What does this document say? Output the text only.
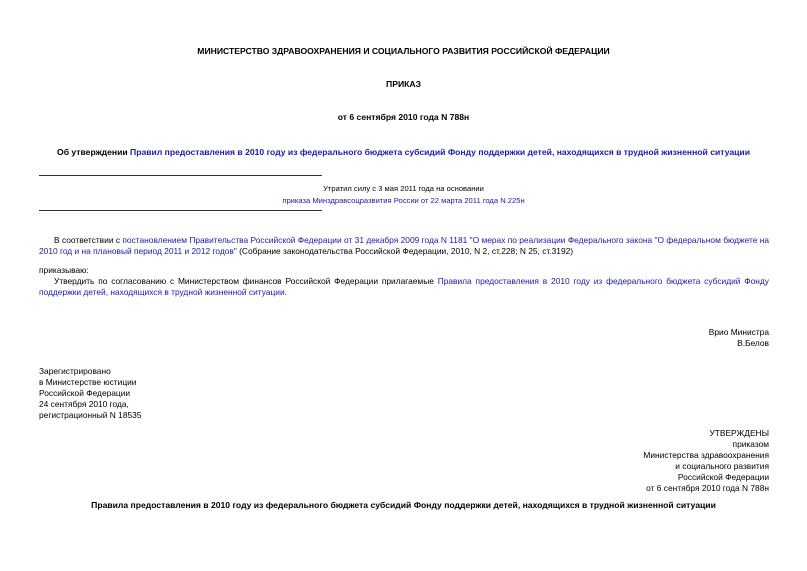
МИНИСТЕРСТВО ЗДРАВООХРАНЕНИЯ И СОЦИАЛЬНОГО РАЗВИТИЯ РОССИЙСКОЙ ФЕДЕРАЦИИ
ПРИКАЗ
от 6 сентября 2010 года N 788н
Об утверждении Правил предоставления в 2010 году из федерального бюджета субсидий Фонду поддержки детей, находящихся в трудной жизненной ситуации
Утратил силу с 3 мая 2011 года на основании
приказа Минздравсоцразвития России от 22 марта 2011 года N 225н
В соответствии с постановлением Правительства Российской Федерации от 31 декабря 2009 года N 1181 "О мерах по реализации Федерального закона "О федеральном бюджете на 2010 год и на плановый период 2011 и 2012 годов" (Собрание законодательства Российской Федерации, 2010, N 2, ст.228; N 25, ст.3192)
приказываю:
Утвердить по согласованию с Министерством финансов Российской Федерации прилагаемые Правила предоставления в 2010 году из федерального бюджета субсидий Фонду поддержки детей, находящихся в трудной жизненной ситуации.
Врио Министра
В.Белов
Зарегистрировано
в Министерстве юстиции
Российской Федерации
24 сентября 2010 года,
регистрационный N 18535
УТВЕРЖДЕНЫ
приказом
Министерства здравоохранения
и социального развития
Российской Федерации
от 6 сентября 2010 года N 788н
Правила предоставления в 2010 году из федерального бюджета субсидий Фонду поддержки детей, находящихся в трудной жизненной ситуации
